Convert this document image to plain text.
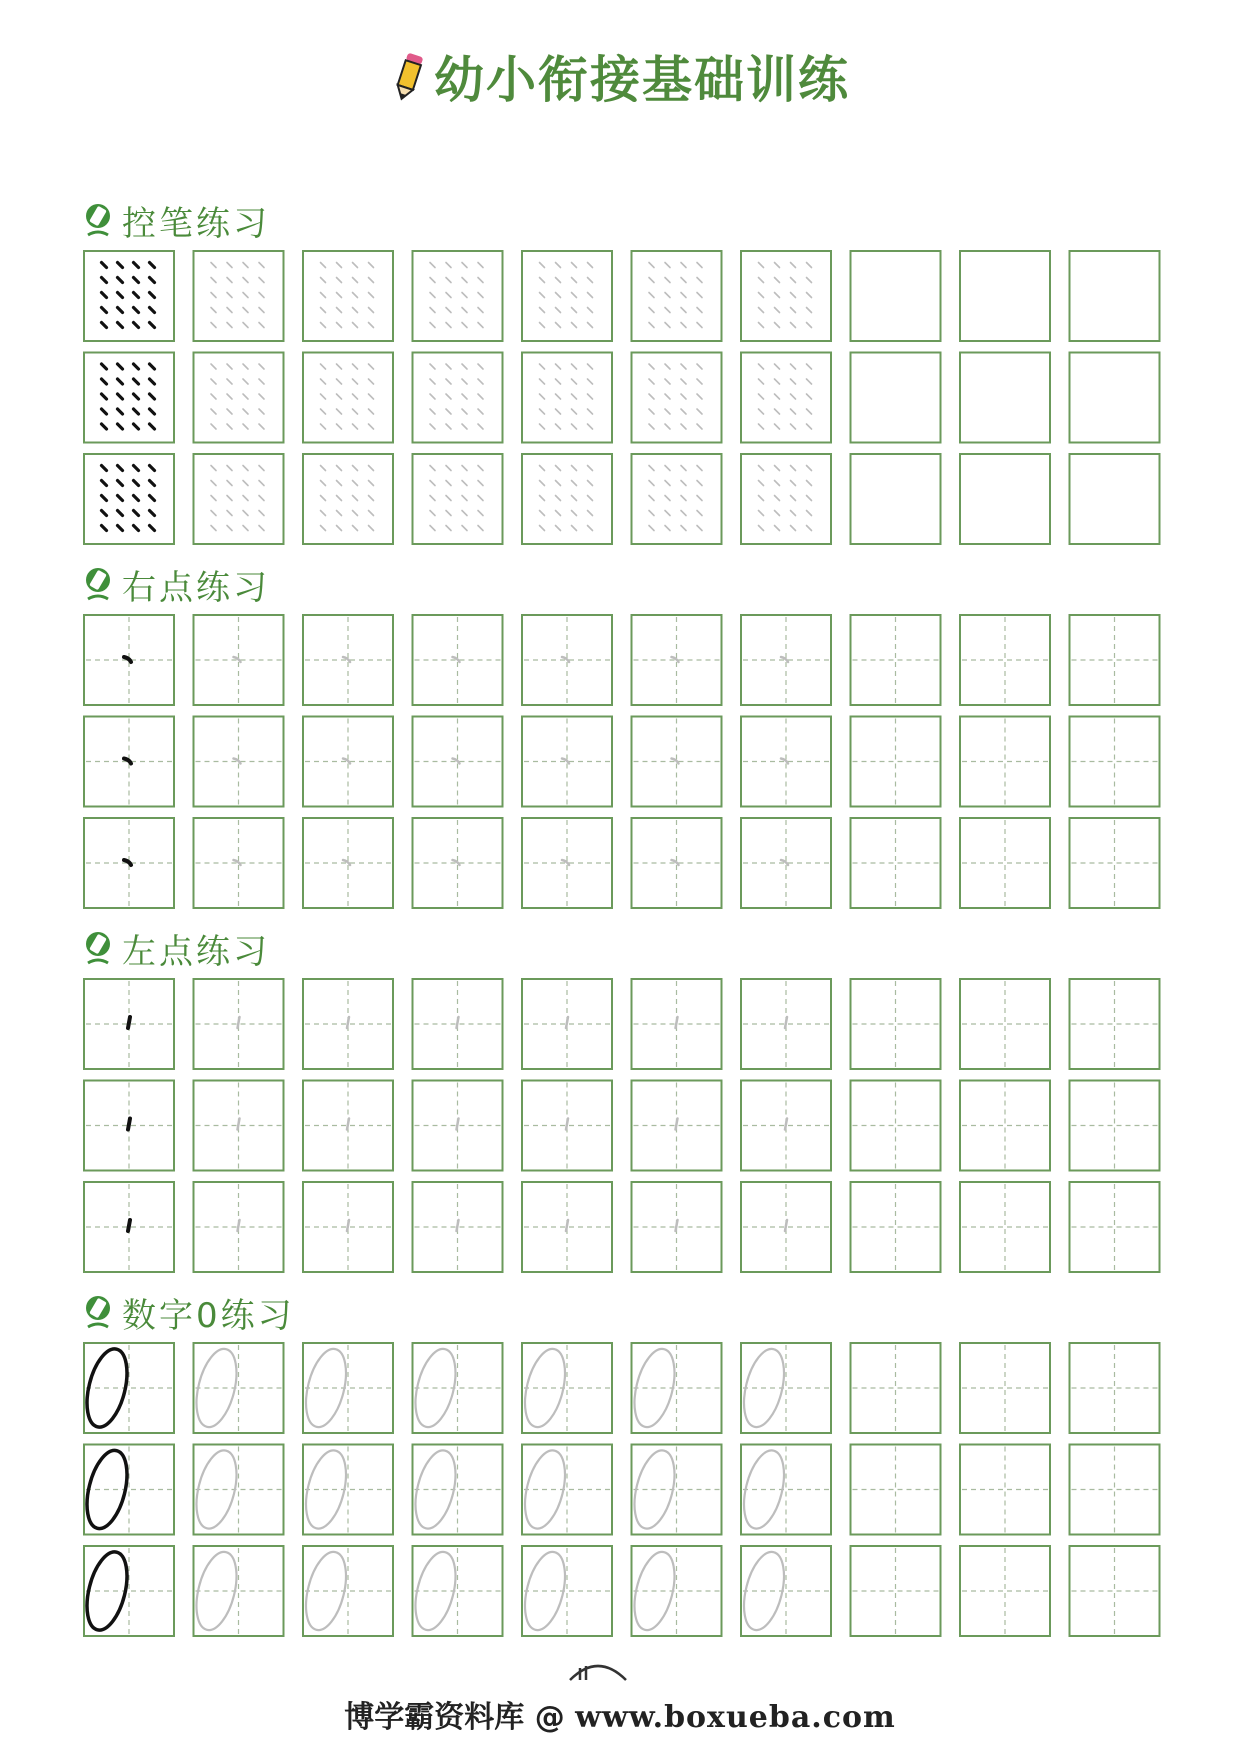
幼小衔接基础训练
控笔练习
右点练习
左点练习
数字0练习
博学霸资料库 @ www.boxueba.com
